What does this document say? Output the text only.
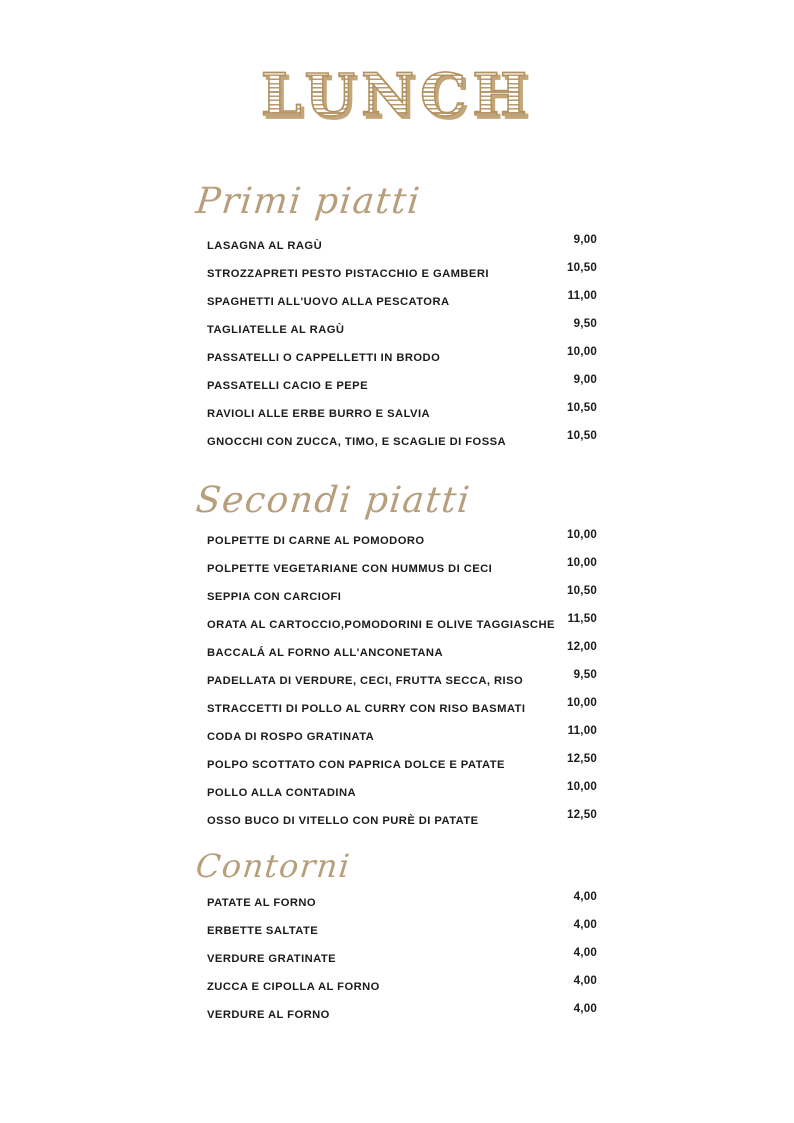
LUNCH
Primi piatti
LASAGNA AL RAGÙ	9,00
STROZZAPRETI PESTO PISTACCHIO E GAMBERI	10,50
SPAGHETTI ALL'UOVO ALLA PESCATORA	11,00
TAGLIATELLE AL RAGÙ	9,50
PASSATELLI O CAPPELLETTI IN BRODO	10,00
PASSATELLI CACIO E PEPE	9,00
RAVIOLI ALLE ERBE BURRO E SALVIA	10,50
GNOCCHI CON ZUCCA, TIMO, E SCAGLIE DI FOSSA	10,50
Secondi piatti
POLPETTE DI CARNE AL POMODORO	10,00
POLPETTE VEGETARIANE CON HUMMUS DI CECI	10,00
SEPPIA CON CARCIOFI	10,50
ORATA AL CARTOCCIO,POMODORINI E OLIVE TAGGIASCHE 11,50
BACCALÁ AL FORNO ALL'ANCONETANA	12,00
PADELLATA DI VERDURE, CECI, FRUTTA SECCA, RISO	9,50
STRACCETTI DI POLLO AL CURRY CON RISO BASMATI	10,00
CODA DI ROSPO GRATINATA	11,00
POLPO SCOTTATO CON PAPRICA DOLCE E PATATE	12,50
POLLO ALLA CONTADINA	10,00
OSSO BUCO DI VITELLO CON PURÈ DI PATATE	12,50
Contorni
PATATE AL FORNO	4,00
ERBETTE SALTATE	4,00
VERDURE GRATINATE	4,00
ZUCCA E CIPOLLA AL FORNO	4,00
VERDURE AL FORNO	4,00
